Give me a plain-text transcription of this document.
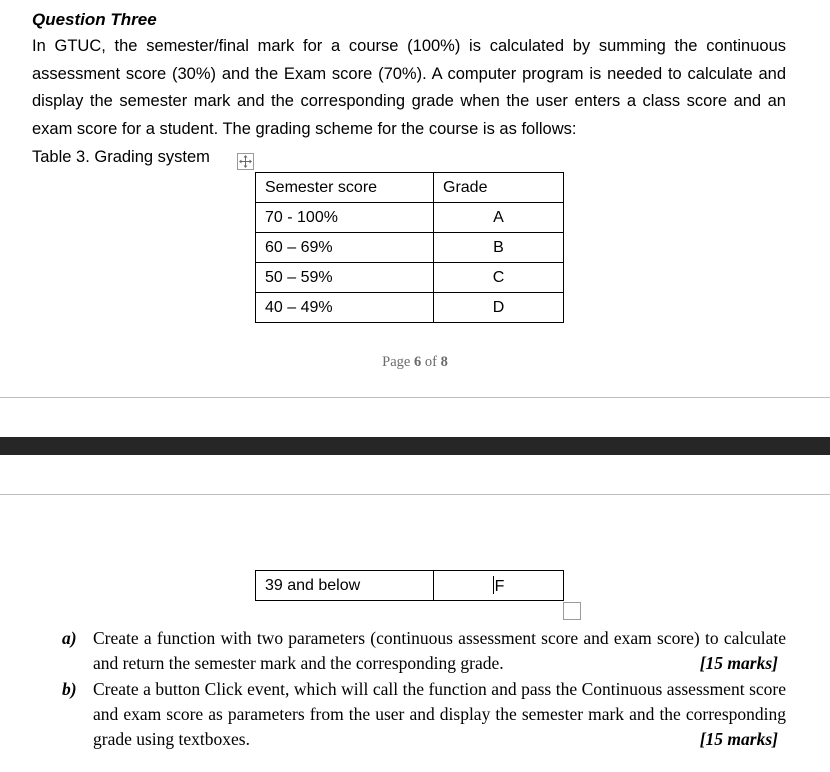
Question Three
In GTUC, the semester/final mark for a course (100%) is calculated by summing the continuous assessment score (30%) and the Exam score (70%). A computer program is needed to calculate and display the semester mark and the corresponding grade when the user enters a class score and an exam score for a student. The grading scheme for the course is as follows:
Table 3. Grading system
Semester score	Grade
70 - 100%	A
60 – 69%	B
50 – 59%	C
40 – 49%	D
Page 6 of 8
39 and below	F
a) Create a function with two parameters (continuous assessment score and exam score) to calculate and return the semester mark and the corresponding grade.	[15 marks]
b) Create a button Click event, which will call the function and pass the Continuous assessment score and exam score as parameters from the user and display the semester mark and the corresponding grade using textboxes.	[15 marks]
